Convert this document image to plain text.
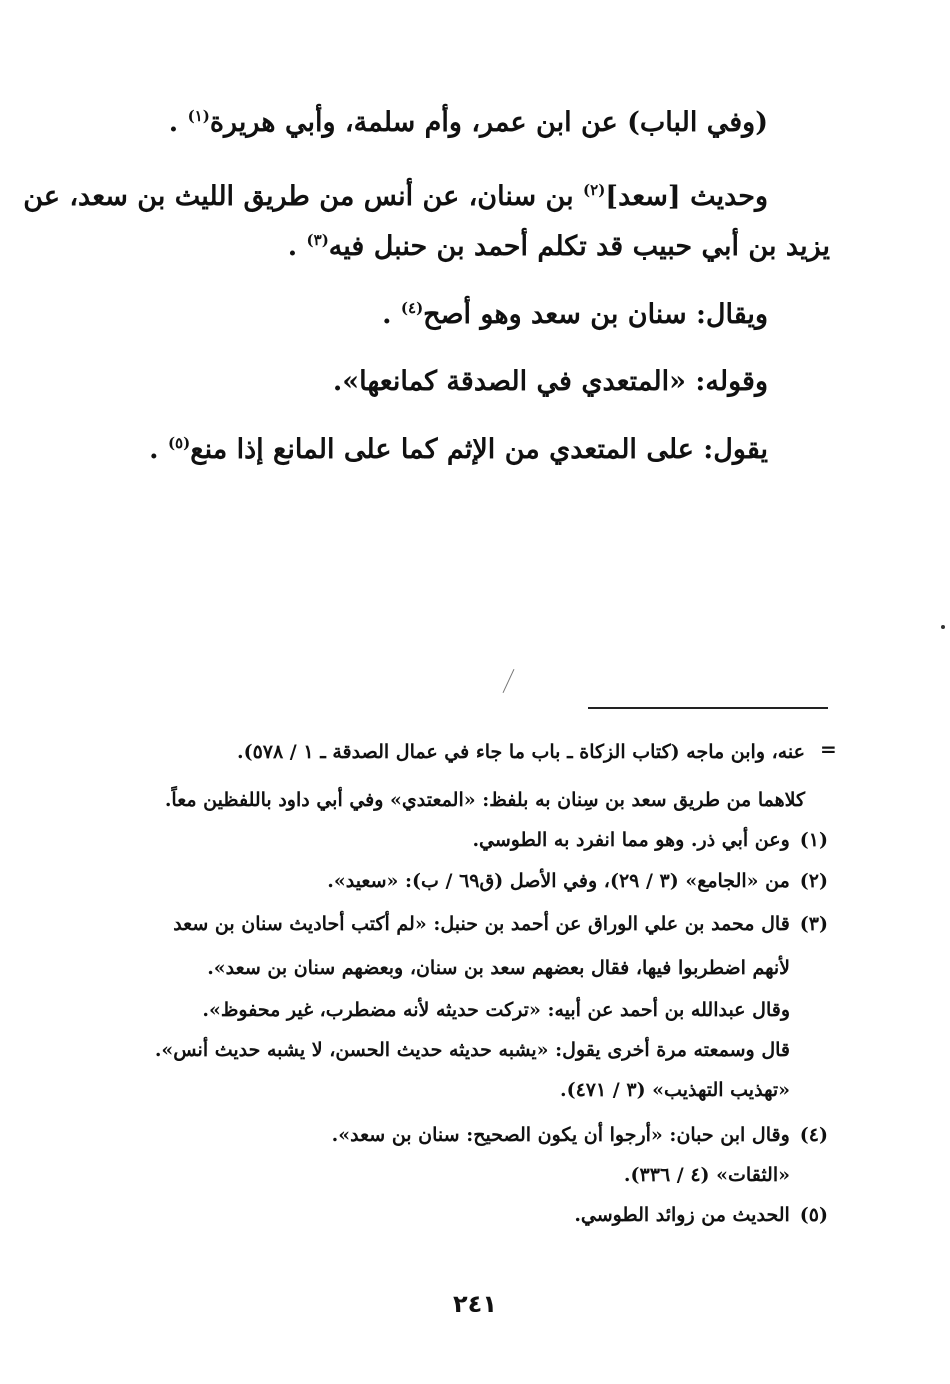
(وفي الباب) عن ابن عمر، وأم سلمة، وأبي هريرة$^{(١)}$ .

وحديث [سعد]$^{(٢)}$ بن سنان، عن أنس من طريق الليث بن سعد، عن

يزيد بن أبي حبيب قد تكلم أحمد بن حنبل فيه$^{(٣)}$ .

ويقال: سنان بن سعد وهو أصح$^{(٤)}$ .

وقوله: «المتعدي في الصدقة كمانعها».

يقول: على المتعدي من الإثم كما على المانع إذا منع$^{(٥)}$ .

=

عنه، وابن ماجه (كتاب الزكاة ـ باب ما جاء في عمال الصدقة ـ ١ / ٥٧٨).

كلاهما من طريق سعد بن سِنان به بلفظ: «المعتدي» وفي أبي داود باللفظين معاً.

(١)وعن أبي ذر. وهو مما انفرد به الطوسي.

(٢)من «الجامع» (٣ / ٢٩)، وفي الأصل (ق٦٩ / ب): «سعيد».

(٣)قال محمد بن علي الوراق عن أحمد بن حنبل: «لم أكتب أحاديث سنان بن سعد

لأنهم اضطربوا فيها، فقال بعضهم سعد بن سنان، وبعضهم سنان بن سعد».

وقال عبدالله بن أحمد عن أبيه: «تركت حديثه لأنه مضطرب، غير محفوظ».

قال وسمعته مرة أخرى يقول: «يشبه حديثه حديث الحسن، لا يشبه حديث أنس».

«تهذيب التهذيب» (٣ / ٤٧١).

(٤)وقال ابن حبان: «أرجوا أن يكون الصحيح: سنان بن سعد».

«الثقات» (٤ / ٣٣٦).

(٥)الحديث من زوائد الطوسي.

٢٤١
